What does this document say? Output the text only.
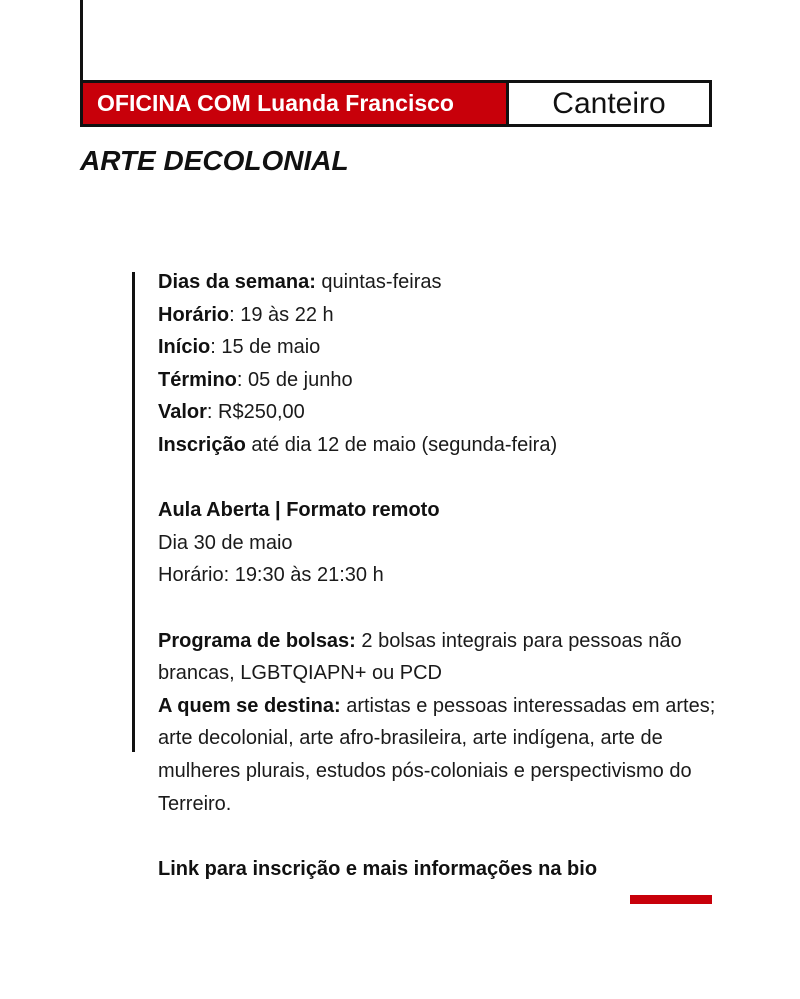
OFICINA COM Luanda Francisco	Canteiro
ARTE DECOLONIAL
Dias da semana: quintas-feiras
Horário: 19 às 22 h
Início: 15 de maio
Término: 05 de junho
Valor: R$250,00
Inscrição até dia 12 de maio (segunda-feira)
Aula Aberta | Formato remoto
Dia 30 de maio
Horário: 19:30 às 21:30 h
Programa de bolsas: 2 bolsas integrais para pessoas não brancas, LGBTQIAPN+ ou PCD
A quem se destina: artistas e pessoas interessadas em artes; arte decolonial, arte afro-brasileira, arte indígena, arte de mulheres plurais, estudos pós-coloniais e perspectivismo do Terreiro.
Link para inscrição e mais informações na bio
